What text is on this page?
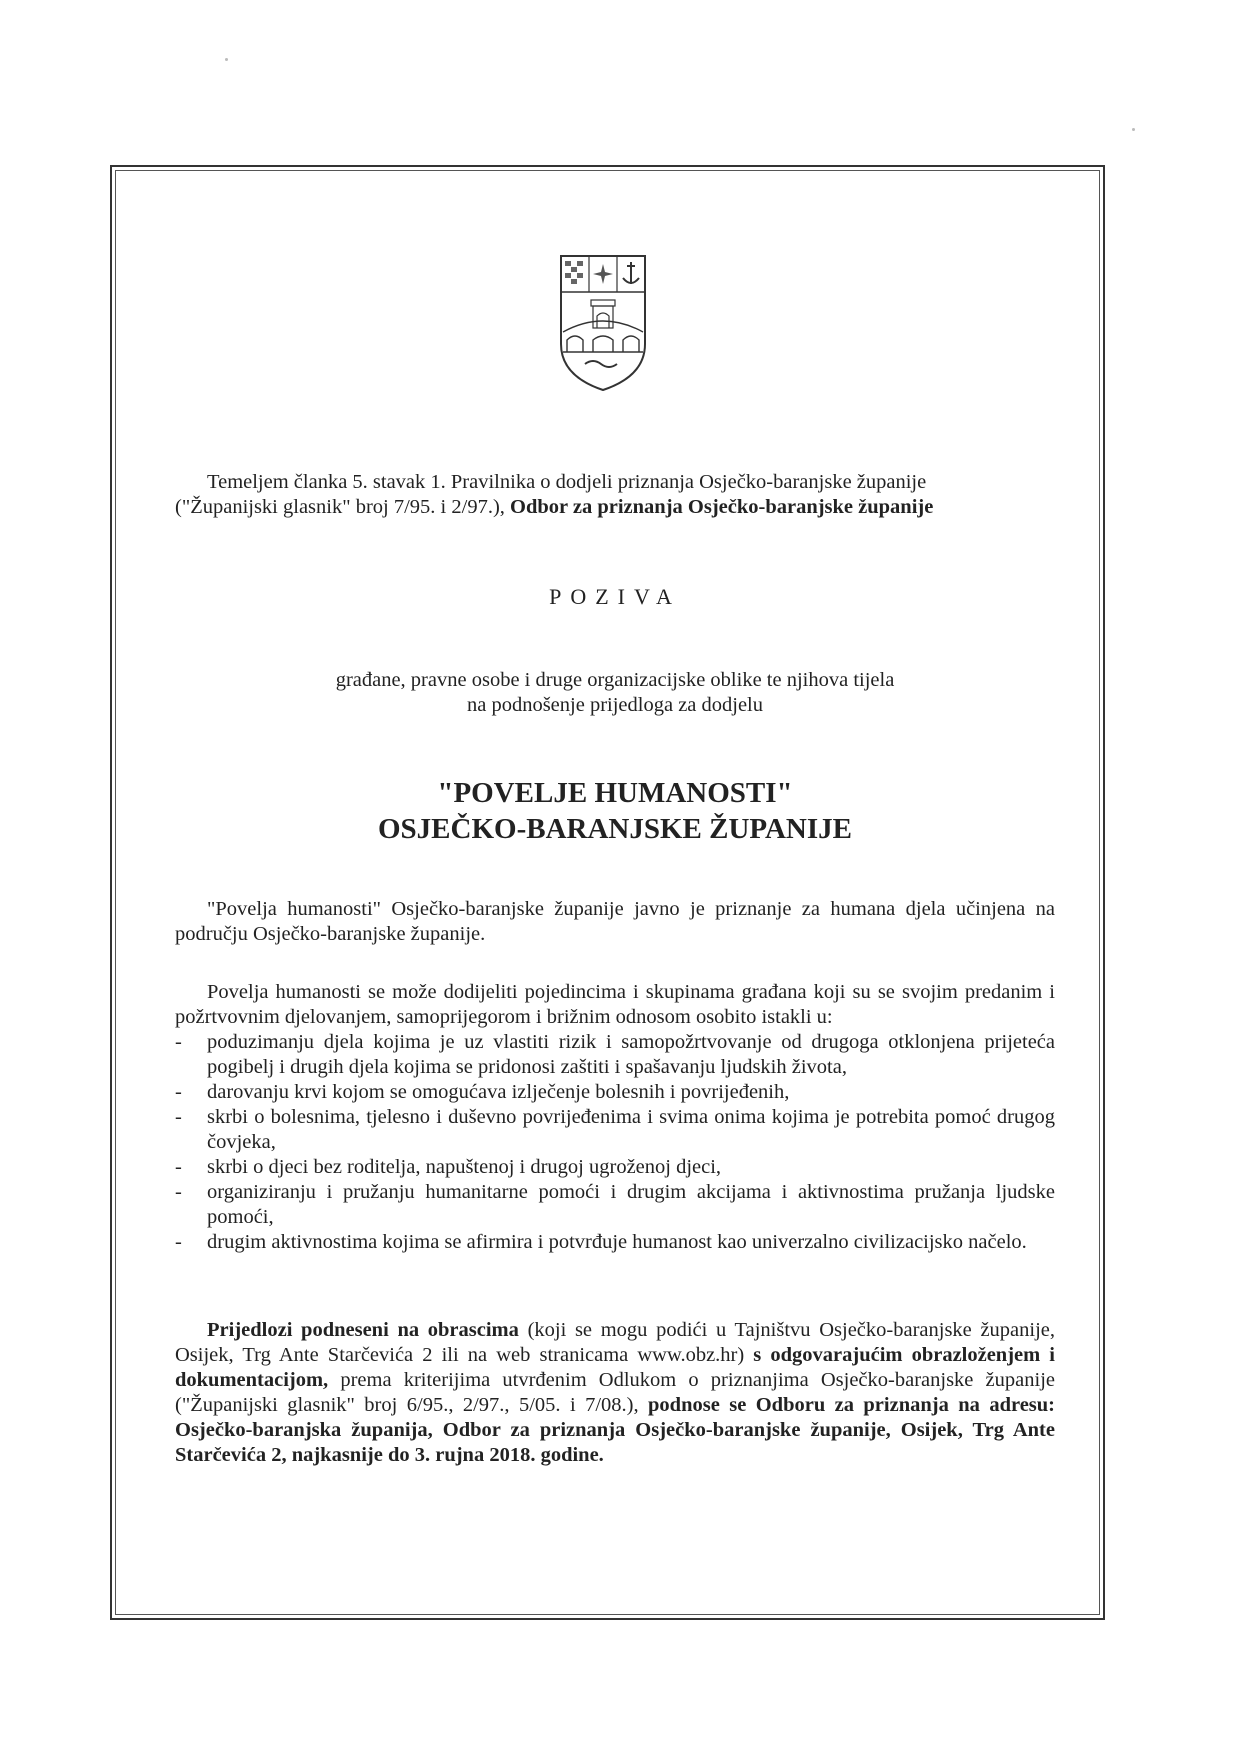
Temeljem članka 5. stavak 1. Pravilnika o dodjeli priznanja Osječko-baranjske županije
("Županijski glasnik" broj 7/95. i 2/97.), Odbor za priznanja Osječko-baranjske županije
POZIVA
građane, pravne osobe i druge organizacijske oblike te njihova tijela
na podnošenje prijedloga za dodjelu
"POVELJE HUMANOSTI"
OSJEČKO-BARANJSKE ŽUPANIJE
"Povelja humanosti" Osječko-baranjske županije javno je priznanje za humana djela učinjena na području Osječko-baranjske županije.
Povelja humanosti se može dodijeliti pojedincima i skupinama građana koji su se svojim predanim i požrtvovnim djelovanjem, samoprijegorom i brižnim odnosom osobito istakli u:
- poduzimanju djela kojima je uz vlastiti rizik i samopožrtvovanje od drugoga otklonjena prijeteća pogibelj i drugih djela kojima se pridonosi zaštiti i spašavanju ljudskih života,
- darovanju krvi kojom se omogućava izlječenje bolesnih i povrijeđenih,
- skrbi o bolesnima, tjelesno i duševno povrijeđenima i svima onima kojima je potrebita pomoć drugog čovjeka,
- skrbi o djeci bez roditelja, napuštenoj i drugoj ugroženoj djeci,
- organiziranju i pružanju humanitarne pomoći i drugim akcijama i aktivnostima pružanja ljudske pomoći,
- drugim aktivnostima kojima se afirmira i potvrđuje humanost kao univerzalno civilizacijsko načelo.
Prijedlozi podneseni na obrascima (koji se mogu podići u Tajništvu Osječko-baranjske županije, Osijek, Trg Ante Starčevića 2 ili na web stranicama www.obz.hr) s odgovarajućim obrazloženjem i dokumentacijom, prema kriterijima utvrđenim Odlukom o priznanjima Osječko-baranjske županije ("Županijski glasnik" broj 6/95., 2/97., 5/05. i 7/08.), podnose se Odboru za priznanja na adresu: Osječko-baranjska županija, Odbor za priznanja Osječko-baranjske županije, Osijek, Trg Ante Starčevića 2, najkasnije do 3. rujna 2018. godine.
